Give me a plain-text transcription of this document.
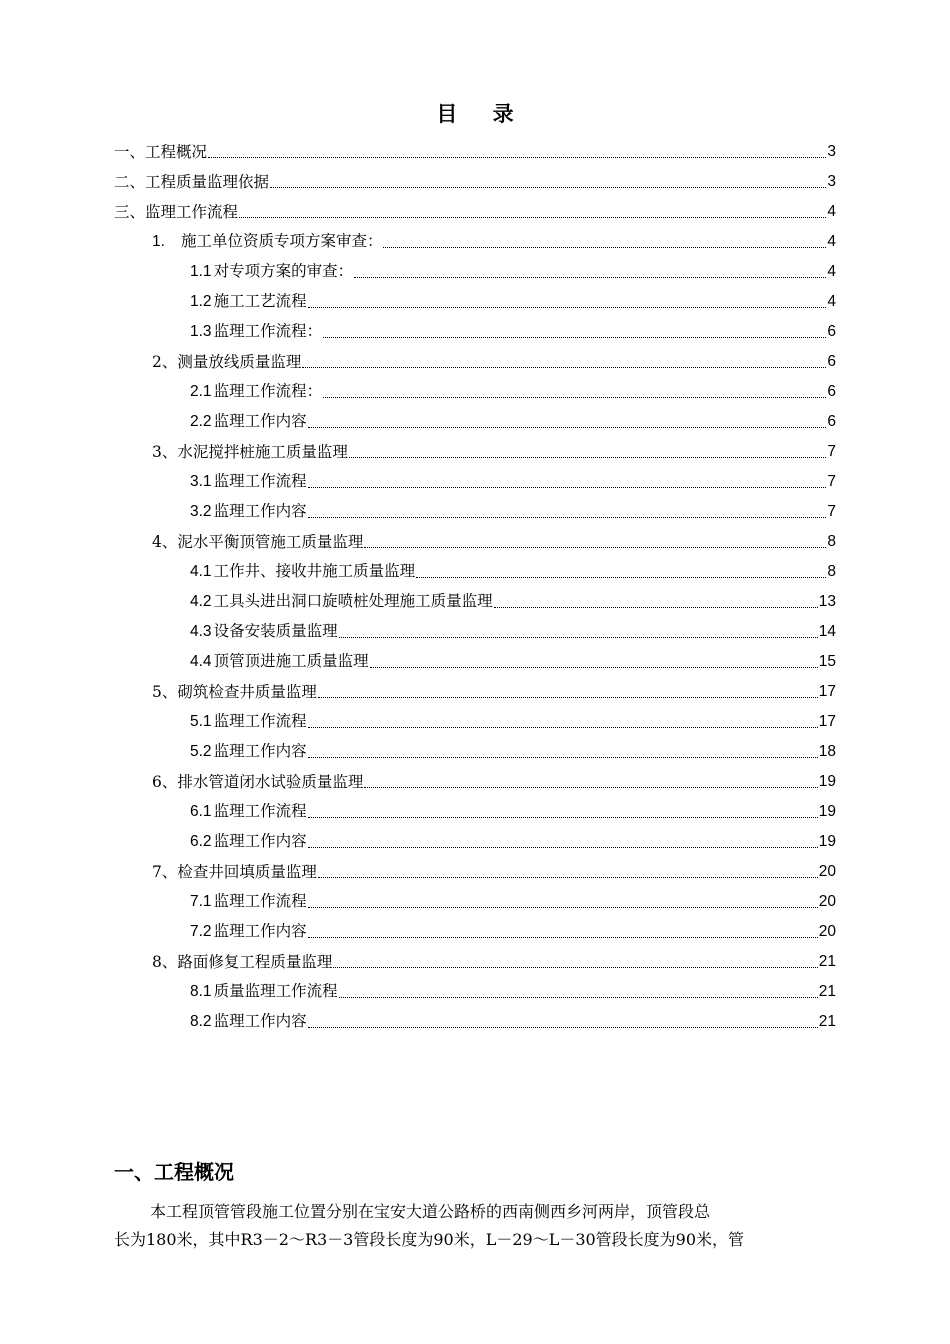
目 录
一、工程概况	3
二、工程质量监理依据	3
三、监理工作流程	4
1. 施工单位资质专项方案审查：	4
1.1 对专项方案的审查：	4
1.2 施工工艺流程	4
1.3 监理工作流程：	6
2、测量放线质量监理	6
2.1 监理工作流程：	6
2.2 监理工作内容	6
3、水泥搅拌桩施工质量监理	7
3.1 监理工作流程	7
3.2 监理工作内容	7
4、泥水平衡顶管施工质量监理	8
4.1 工作井、接收井施工质量监理	8
4.2 工具头进出洞口旋喷桩处理施工质量监理	13
4.3 设备安装质量监理	14
4.4 顶管顶进施工质量监理	15
5、砌筑检查井质量监理	17
5.1 监理工作流程	17
5.2 监理工作内容	18
6、排水管道闭水试验质量监理	19
6.1 监理工作流程	19
6.2 监理工作内容	19
7、检查井回填质量监理	20
7.1 监理工作流程	20
7.2 监理工作内容	20
8、路面修复工程质量监理	21
8.1 质量监理工作流程	21
8.2 监理工作内容	21
一、工程概况
本工程顶管管段施工位置分别在宝安大道公路桥的西南侧西乡河两岸，顶管段总
长为180米，其中R3－2～R3－3管段长度为90米，L－29～L－30管段长度为90米，管
